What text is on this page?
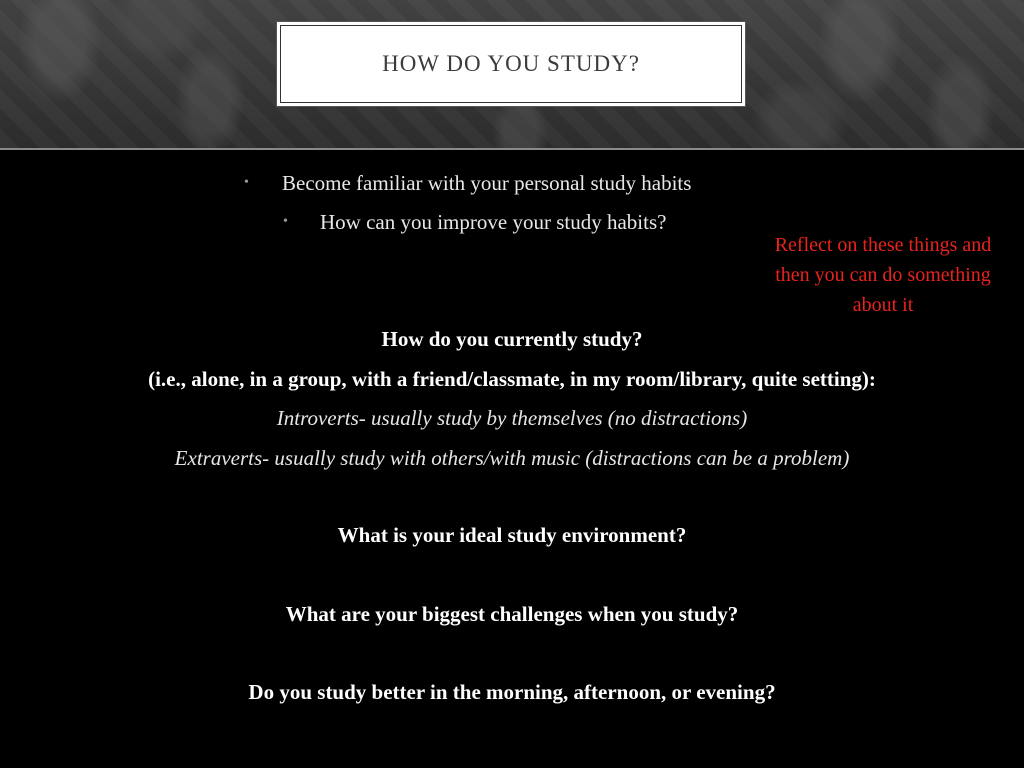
HOW DO YOU STUDY?
• Become familiar with your personal study habits
• How can you improve your study habits?
Reflect on these things and then you can do something about it
How do you currently study?
(i.e., alone, in a group, with a friend/classmate, in my room/library, quite setting):
Introverts- usually study by themselves (no distractions)
Extraverts- usually study with others/with music (distractions can be a problem)
What is your ideal study environment?
What are your biggest challenges when you study?
Do you study better in the morning, afternoon, or evening?
